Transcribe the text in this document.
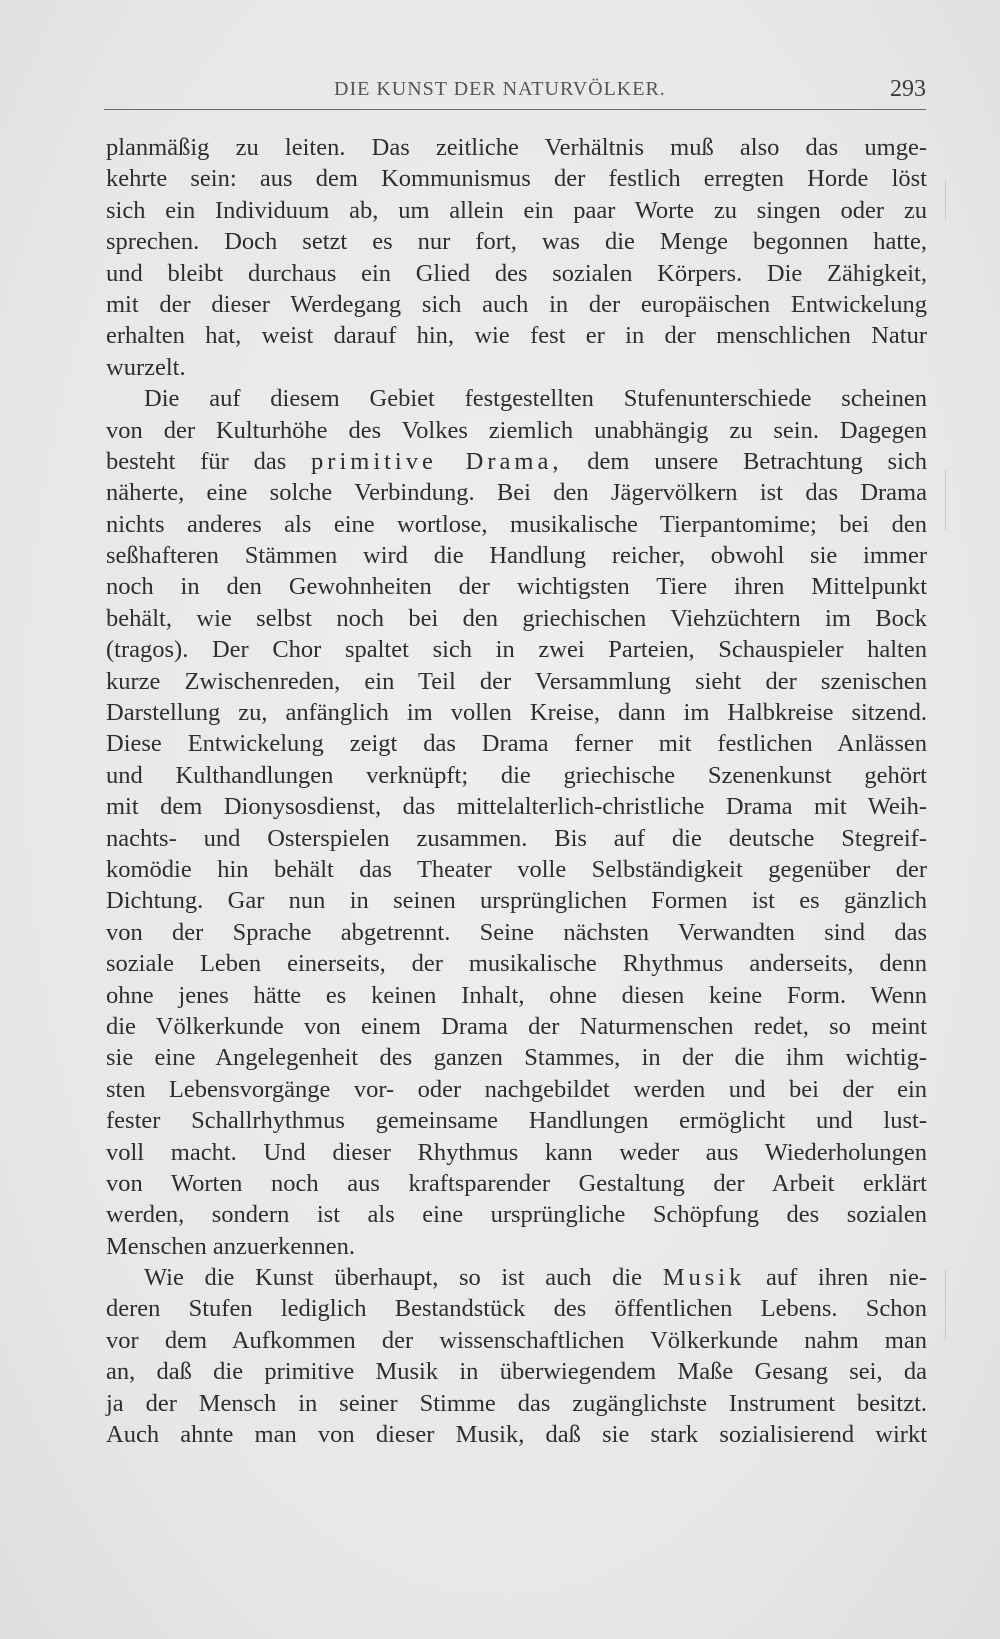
DIE KUNST DER NATURVÖLKER.	293
planmäßig zu leiten. Das zeitliche Verhältnis muß also das umge-
kehrte sein: aus dem Kommunismus der festlich erregten Horde löst
sich ein Individuum ab, um allein ein paar Worte zu singen oder zu
sprechen. Doch setzt es nur fort, was die Menge begonnen hatte,
und bleibt durchaus ein Glied des sozialen Körpers. Die Zähigkeit,
mit der dieser Werdegang sich auch in der europäischen Entwickelung
erhalten hat, weist darauf hin, wie fest er in der menschlichen Natur
wurzelt.
Die auf diesem Gebiet festgestellten Stufenunterschiede scheinen
von der Kulturhöhe des Volkes ziemlich unabhängig zu sein. Dagegen
besteht für das primitive Drama, dem unsere Betrachtung sich
näherte, eine solche Verbindung. Bei den Jägervölkern ist das Drama
nichts anderes als eine wortlose, musikalische Tierpantomime; bei den
seßhafteren Stämmen wird die Handlung reicher, obwohl sie immer
noch in den Gewohnheiten der wichtigsten Tiere ihren Mittelpunkt
behält, wie selbst noch bei den griechischen Viehzüchtern im Bock
(tragos). Der Chor spaltet sich in zwei Parteien, Schauspieler halten
kurze Zwischenreden, ein Teil der Versammlung sieht der szenischen
Darstellung zu, anfänglich im vollen Kreise, dann im Halbkreise sitzend.
Diese Entwickelung zeigt das Drama ferner mit festlichen Anlässen
und Kulthandlungen verknüpft; die griechische Szenenkunst gehört
mit dem Dionysosdienst, das mittelalterlich-christliche Drama mit Weih-
nachts- und Osterspielen zusammen. Bis auf die deutsche Stegreif-
komödie hin behält das Theater volle Selbständigkeit gegenüber der
Dichtung. Gar nun in seinen ursprünglichen Formen ist es gänzlich
von der Sprache abgetrennt. Seine nächsten Verwandten sind das
soziale Leben einerseits, der musikalische Rhythmus anderseits, denn
ohne jenes hätte es keinen Inhalt, ohne diesen keine Form. Wenn
die Völkerkunde von einem Drama der Naturmenschen redet, so meint
sie eine Angelegenheit des ganzen Stammes, in der die ihm wichtig-
sten Lebensvorgänge vor- oder nachgebildet werden und bei der ein
fester Schallrhythmus gemeinsame Handlungen ermöglicht und lust-
voll macht. Und dieser Rhythmus kann weder aus Wiederholungen
von Worten noch aus kraftsparender Gestaltung der Arbeit erklärt
werden, sondern ist als eine ursprüngliche Schöpfung des sozialen
Menschen anzuerkennen.
Wie die Kunst überhaupt, so ist auch die Musik auf ihren nie-
deren Stufen lediglich Bestandstück des öffentlichen Lebens. Schon
vor dem Aufkommen der wissenschaftlichen Völkerkunde nahm man
an, daß die primitive Musik in überwiegendem Maße Gesang sei, da
ja der Mensch in seiner Stimme das zugänglichste Instrument besitzt.
Auch ahnte man von dieser Musik, daß sie stark sozialisierend wirkt
